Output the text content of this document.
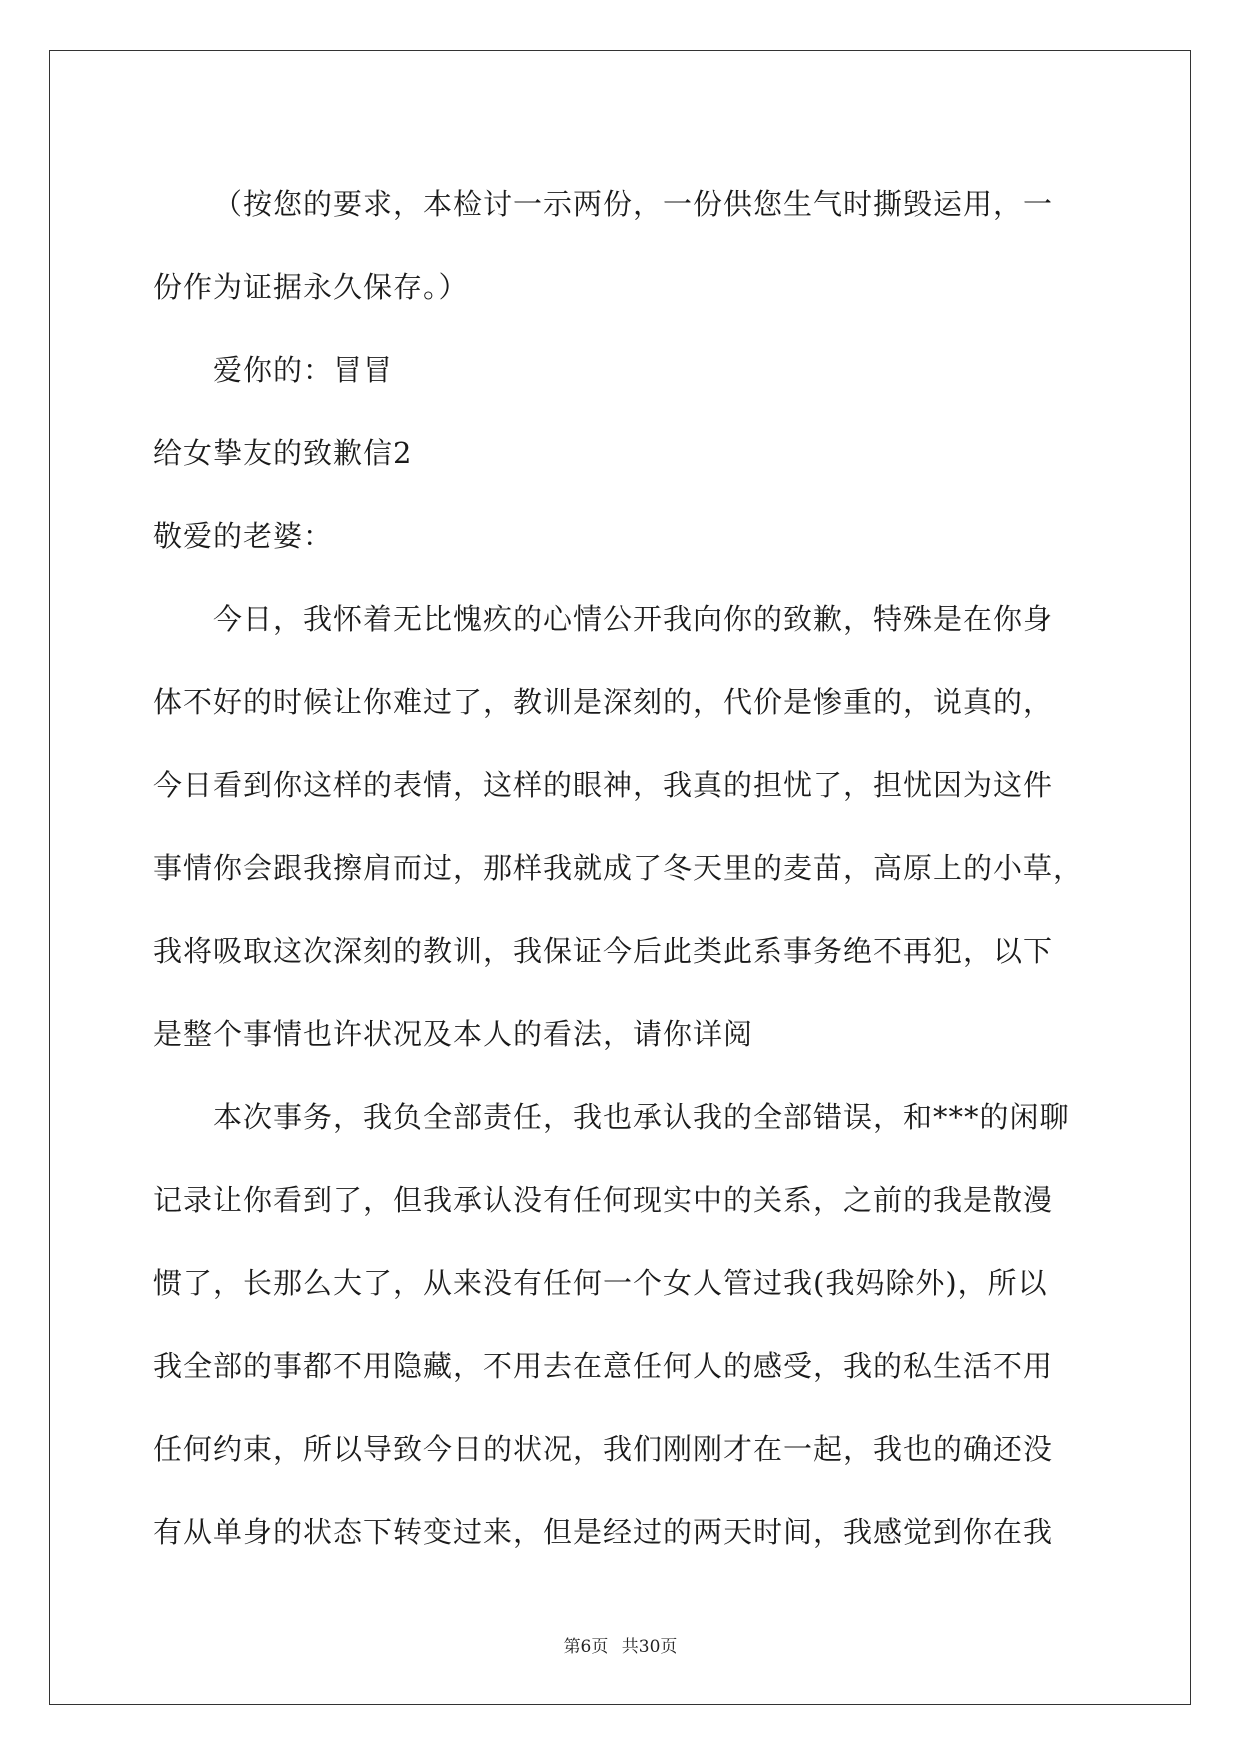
（按您的要求，本检讨一示两份，一份供您生气时撕毁运用，一
份作为证据永久保存。）
爱你的：冒冒
给女挚友的致歉信2
敬爱的老婆：
今日，我怀着无比愧疚的心情公开我向你的致歉，特殊是在你身
体不好的时候让你难过了，教训是深刻的，代价是惨重的，说真的，
今日看到你这样的表情，这样的眼神，我真的担忧了，担忧因为这件
事情你会跟我擦肩而过，那样我就成了冬天里的麦苗，高原上的小草，
我将吸取这次深刻的教训，我保证今后此类此系事务绝不再犯，以下
是整个事情也许状况及本人的看法，请你详阅
本次事务，我负全部责任，我也承认我的全部错误，和***的闲聊
记录让你看到了，但我承认没有任何现实中的关系，之前的我是散漫
惯了，长那么大了，从来没有任何一个女人管过我(我妈除外)，所以
我全部的事都不用隐藏，不用去在意任何人的感受，我的私生活不用
任何约束，所以导致今日的状况，我们刚刚才在一起，我也的确还没
有从单身的状态下转变过来，但是经过的两天时间，我感觉到你在我
第6页 共30页
